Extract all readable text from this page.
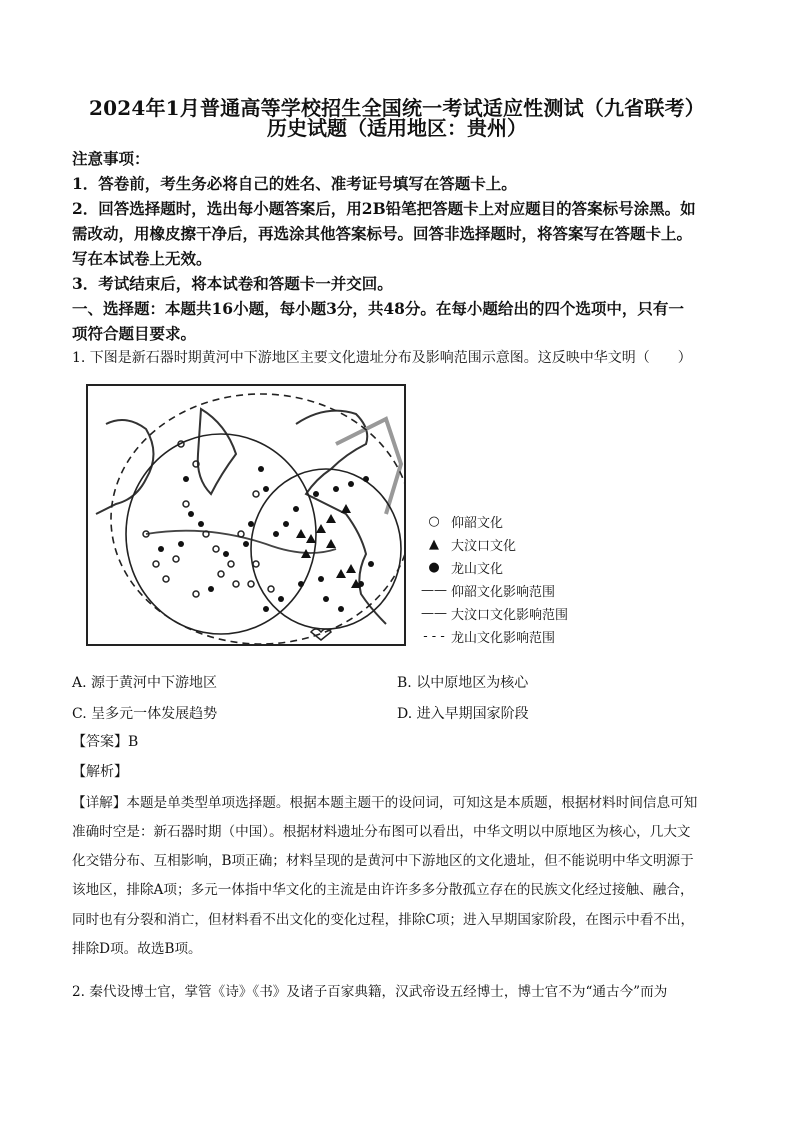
2024年1月普通高等学校招生全国统一考试适应性测试（九省联考）
历史试题（适用地区：贵州）
注意事项：
1．答卷前，考生务必将自己的姓名、准考证号填写在答题卡上。
2．回答选择题时，选出每小题答案后，用2B铅笔把答题卡上对应题目的答案标号涂黑。如
需改动，用橡皮擦干净后，再选涂其他答案标号。回答非选择题时，将答案写在答题卡上。
写在本试卷上无效。
3．考试结束后，将本试卷和答题卡一并交回。
一、选择题：本题共16小题，每小题3分，共48分。在每小题给出的四个选项中，只有一
项符合题目要求。
1. 下图是新石器时期黄河中下游地区主要文化遗址分布及影响范围示意图。这反映中华文明（　　）
○ 仰韶文化
▲ 大汶口文化
● 龙山文化
—— 仰韶文化影响范围
—— 大汶口文化影响范围
- - - 龙山文化影响范围
A. 源于黄河中下游地区	B. 以中原地区为核心
C. 呈多元一体发展趋势	D. 进入早期国家阶段
【答案】B
【解析】
【详解】本题是单类型单项选择题。根据本题主题干的设问词，可知这是本质题，根据材料时间信息可知
准确时空是：新石器时期（中国）。根据材料遗址分布图可以看出，中华文明以中原地区为核心，几大文
化交错分布、互相影响，B项正确；材料呈现的是黄河中下游地区的文化遗址，但不能说明中华文明源于
该地区，排除A项；多元一体指中华文化的主流是由许许多多分散孤立存在的民族文化经过接触、融合，
同时也有分裂和消亡，但材料看不出文化的变化过程，排除C项；进入早期国家阶段，在图示中看不出，
排除D项。故选B项。
2. 秦代设博士官，掌管《诗》《书》及诸子百家典籍，汉武帝设五经博士，博士官不为“通古今”而为
